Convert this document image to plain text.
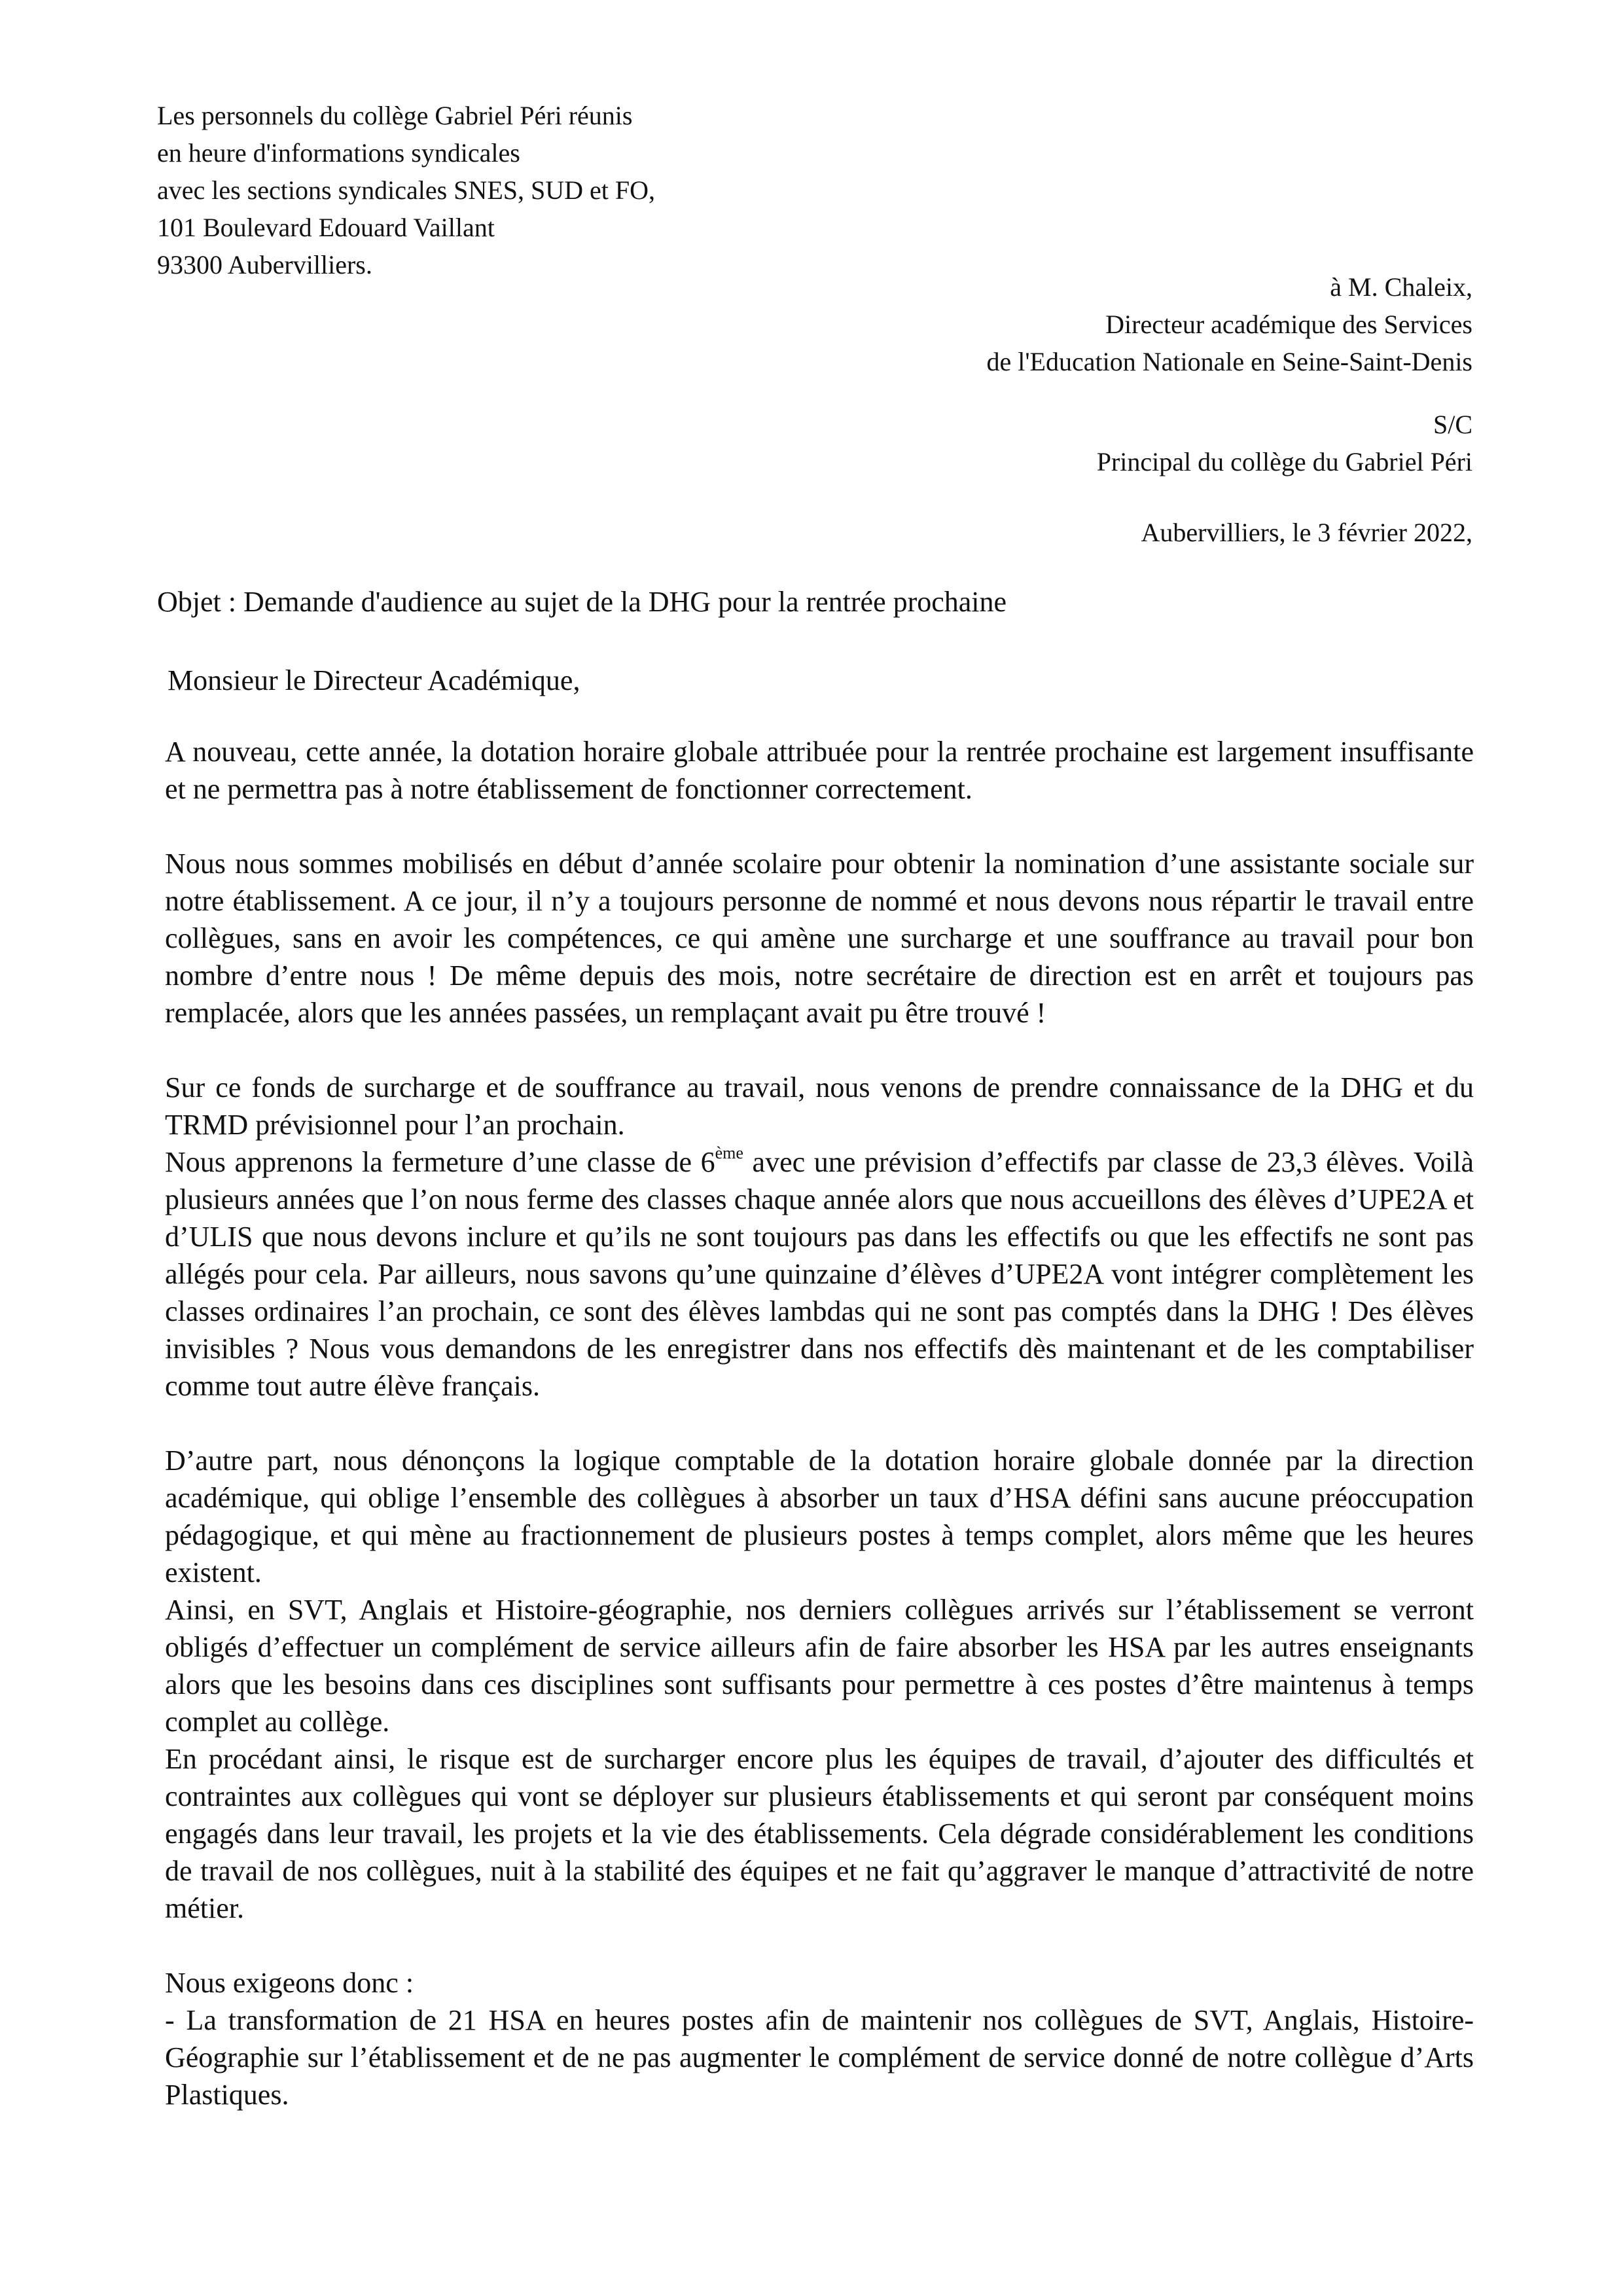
Les personnels du collège Gabriel Péri réunis
en heure d'informations syndicales
avec les sections syndicales SNES, SUD et FO,
101 Boulevard Edouard Vaillant
93300 Aubervilliers.
à M. Chaleix,
Directeur académique des Services
de l'Education Nationale en Seine-Saint-Denis
S/C
Principal du collège du Gabriel Péri
Aubervilliers, le 3 février 2022,
Objet : Demande d'audience au sujet de la DHG pour la rentrée prochaine
Monsieur le Directeur Académique,

A nouveau, cette année, la dotation horaire globale attribuée pour la rentrée prochaine est largement insuffisante et ne permettra pas à notre établissement de fonctionner correctement.

Nous nous sommes mobilisés en début d’année scolaire pour obtenir la nomination d’une assistante sociale sur notre établissement. A ce jour, il n’y a toujours personne de nommé et nous devons nous répartir le travail entre collègues, sans en avoir les compétences, ce qui amène une surcharge et une souffrance au travail pour bon nombre d’entre nous ! De même depuis des mois, notre secrétaire de direction est en arrêt et toujours pas remplacée, alors que les années passées, un remplaçant avait pu être trouvé !

Sur ce fonds de surcharge et de souffrance au travail, nous venons de prendre connaissance de la DHG et du TRMD prévisionnel pour l’an prochain.

Nous apprenons la fermeture d’une classe de 6ème avec une prévision d’effectifs par classe de 23,3 élèves. Voilà plusieurs années que l’on nous ferme des classes chaque année alors que nous accueillons des élèves d’UPE2A et d’ULIS que nous devons inclure et qu’ils ne sont toujours pas dans les effectifs ou que les effectifs ne sont pas allégés pour cela. Par ailleurs, nous savons qu’une quinzaine d’élèves d’UPE2A vont intégrer complètement les classes ordinaires l’an prochain, ce sont des élèves lambdas qui ne sont pas comptés dans la DHG ! Des élèves invisibles ? Nous vous demandons de les enregistrer dans nos effectifs dès maintenant et de les comptabiliser comme tout autre élève français.

D’autre part, nous dénonçons la logique comptable de la dotation horaire globale donnée par la direction académique, qui oblige l’ensemble des collègues à absorber un taux d’HSA défini sans aucune préoccupation pédagogique, et qui mène au fractionnement de plusieurs postes à temps complet, alors même que les heures existent.

Ainsi, en SVT, Anglais et Histoire-géographie, nos derniers collègues arrivés sur l’établissement se verront obligés d’effectuer un complément de service ailleurs afin de faire absorber les HSA par les autres enseignants alors que les besoins dans ces disciplines sont suffisants pour permettre à ces postes d’être maintenus à temps complet au collège.

En procédant ainsi, le risque est de surcharger encore plus les équipes de travail, d’ajouter des difficultés et contraintes aux collègues qui vont se déployer sur plusieurs établissements et qui seront par conséquent moins engagés dans leur travail, les projets et la vie des établissements. Cela dégrade considérablement les conditions de travail de nos collègues, nuit à la stabilité des équipes et ne fait qu’aggraver le manque d’attractivité de notre métier.

Nous exigeons donc :

- La transformation de 21 HSA en heures postes afin de maintenir nos collègues de SVT, Anglais, Histoire-Géographie sur l’établissement et de ne pas augmenter le complément de service donné de notre collègue d’Arts Plastiques.
